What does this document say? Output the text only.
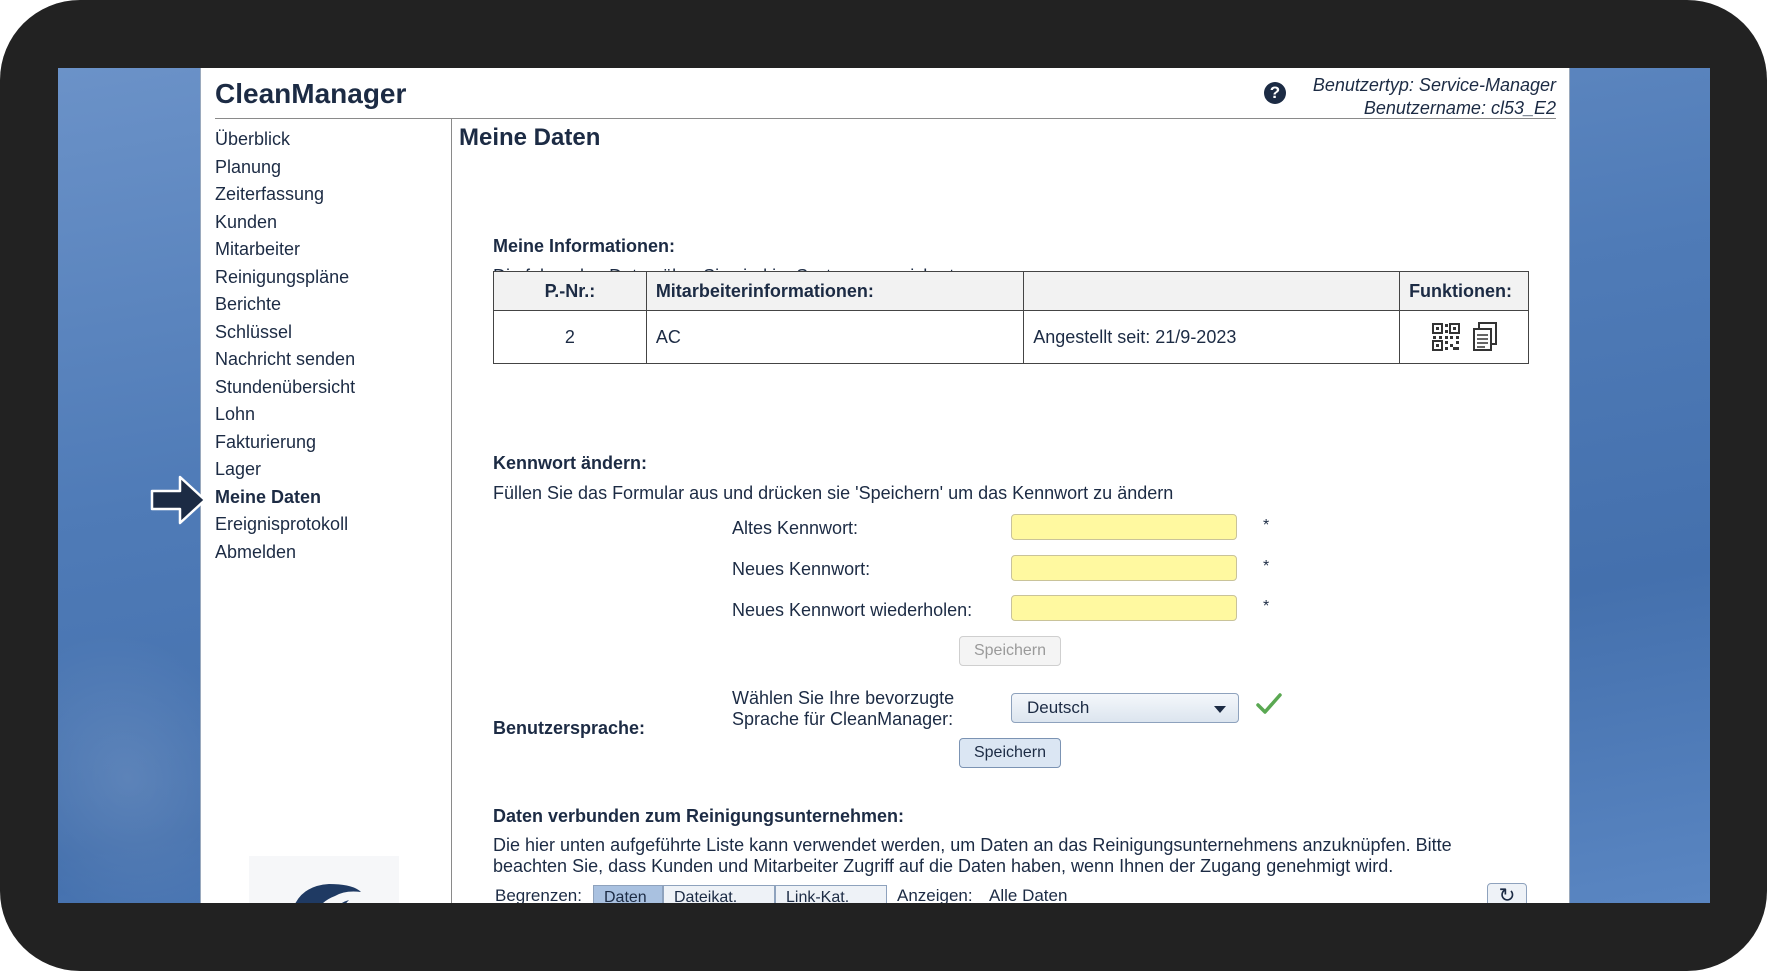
CleanManager	?	Benutzertyp: Service-Manager
Benutzername: cl53_E2
Überblick
Planung
Zeiterfassung
Kunden
Mitarbeiter
Reinigungspläne
Berichte
Schlüssel
Nachricht senden
Stundenübersicht
Lohn
Fakturierung
Lager
Meine Daten
Ereignisprotokoll
Abmelden
Meine Daten
Meine Informationen:
P.-Nr.:	Mitarbeiterinformationen:		Funktionen:
2	AC	Angestellt seit: 21/9-2023	
Kennwort ändern:
Füllen Sie das Formular aus und drücken sie 'Speichern' um das Kennwort zu ändern
Altes Kennwort:	*
Neues Kennwort:	*
Neues Kennwort wiederholen:	*
Speichern
Benutzersprache:
Wählen Sie Ihre bevorzugte
Sprache für CleanManager:
Deutsch
Speichern
Daten verbunden zum Reinigungsunternehmen:
Die hier unten aufgeführte Liste kann verwendet werden, um Daten an das Reinigungsunternehmens anzuknüpfen. Bitte
beachten Sie, dass Kunden und Mitarbeiter Zugriff auf die Daten haben, wenn Ihnen der Zugang genehmigt wird.
Begrenzen:	Daten	Dateikat.	Link-Kat.	Anzeigen: Alle Daten	↻
